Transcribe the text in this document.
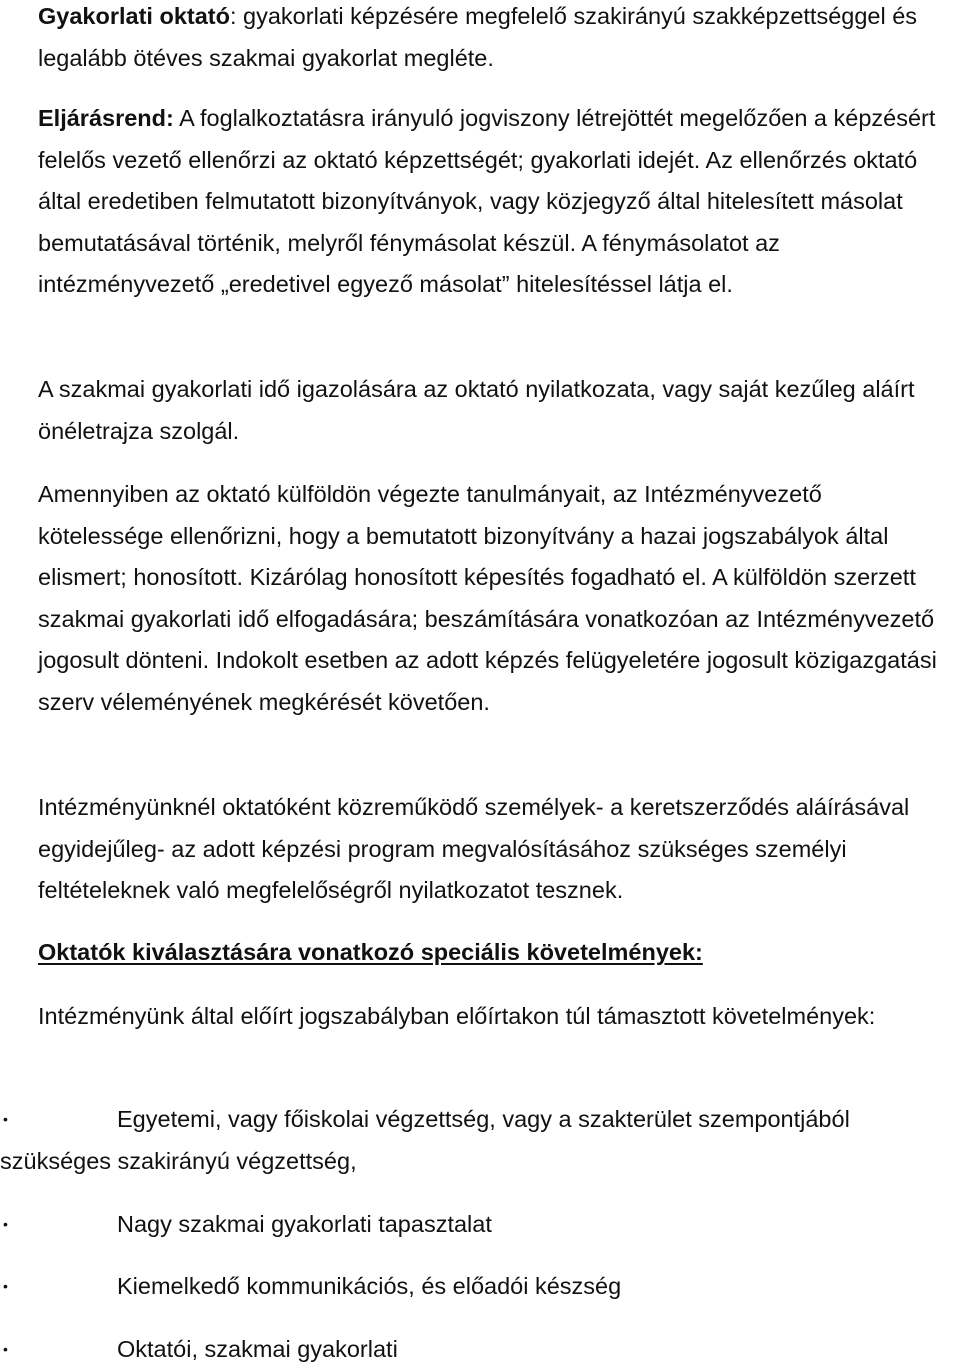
Gyakorlati oktató: gyakorlati képzésére megfelelő szakirányú szakképzettséggel és legalább ötéves szakmai gyakorlat megléte.

Eljárásrend: A foglalkoztatásra irányuló jogviszony létrejöttét megelőzően a képzésért felelős vezető ellenőrzi az oktató képzettségét; gyakorlati idejét. Az ellenőrzés oktató által eredetiben felmutatott bizonyítványok, vagy közjegyző által hitelesített másolat bemutatásával történik, melyről fénymásolat készül. A fénymásolatot az intézményvezető „eredetivel egyező másolat” hitelesítéssel látja el.

A szakmai gyakorlati idő igazolására az oktató nyilatkozata, vagy saját kezűleg aláírt önéletrajza szolgál.

Amennyiben az oktató külföldön végezte tanulmányait, az Intézményvezető kötelessége ellenőrizni, hogy a bemutatott bizonyítvány a hazai jogszabályok által elismert; honosított. Kizárólag honosított képesítés fogadható el. A külföldön szerzett szakmai gyakorlati idő elfogadására; beszámítására vonatkozóan az Intézményvezető jogosult dönteni. Indokolt esetben az adott képzés felügyeletére jogosult közigazgatási szerv véleményének megkérését követően.

Intézményünknél oktatóként közreműködő személyek- a keretszerződés aláírásával egyidejűleg- az adott képzési program megvalósításához szükséges személyi feltételeknek való megfelelőségről nyilatkozatot tesznek.

Oktatók kiválasztására vonatkozó speciális követelmények:

Intézményünk által előírt jogszabályban előírtakon túl támasztott követelmények:

•	Egyetemi, vagy főiskolai végzettség, vagy a szakterület szempontjából
szükséges szakirányú végzettség,
•	Nagy szakmai gyakorlati tapasztalat
•	Kiemelkedő kommunikációs, és előadói készség
•	Oktatói, szakmai gyakorlati
